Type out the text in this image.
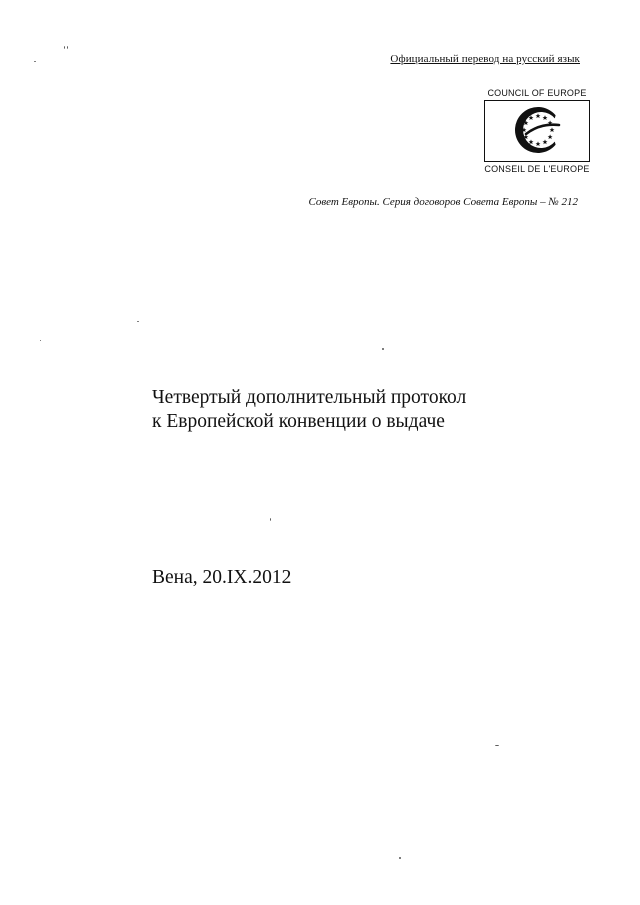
Официальный перевод на русский язык
COUNCIL OF EUROPE
CONSEIL DE L'EUROPE
Совет Европы. Серия договоров Совета Европы – № 212
Четвертый дополнительный протокол
к Европейской конвенции о выдаче
Вена, 20.IX.2012
